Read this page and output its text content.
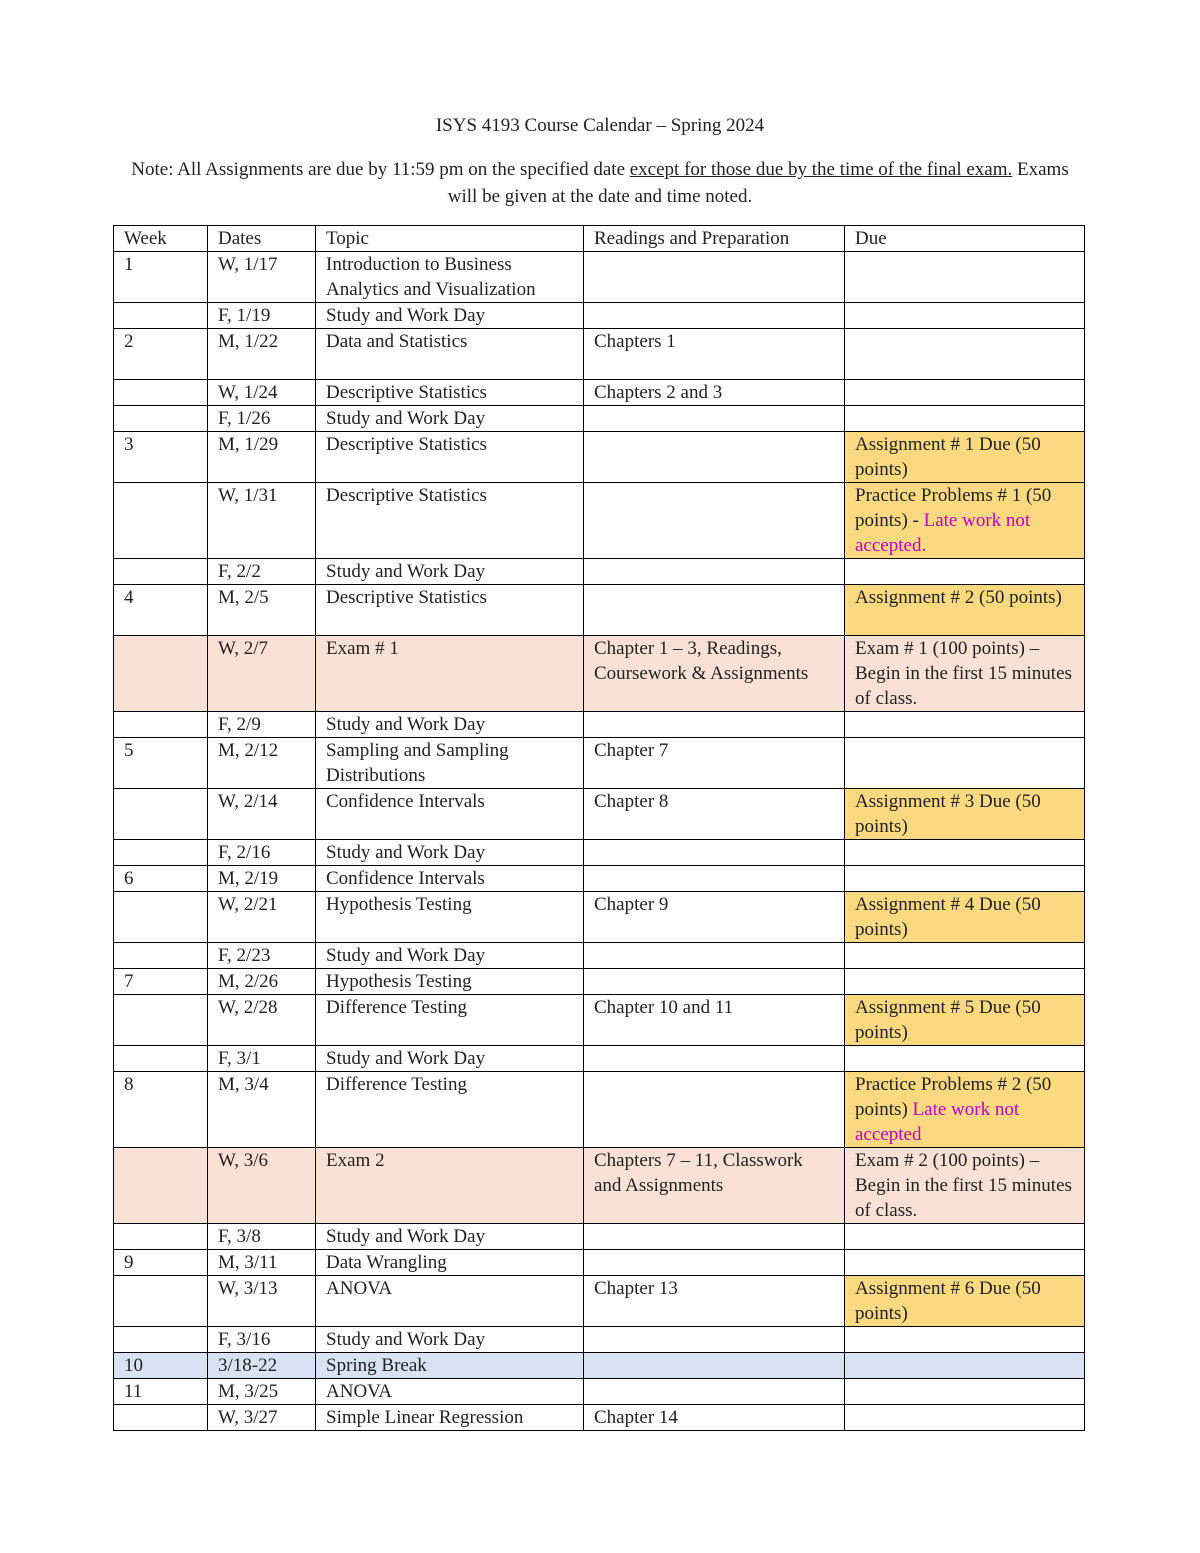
ISYS 4193 Course Calendar – Spring 2024
Note: All Assignments are due by 11:59 pm on the specified date except for those due by the time of the final exam. Exams will be given at the date and time noted.
Week	Dates	Topic	Readings and Preparation	Due
1	W, 1/17	Introduction to Business Analytics and Visualization		
	F, 1/19	Study and Work Day		
2	M, 1/22	Data and Statistics	Chapters 1	
	W, 1/24	Descriptive Statistics	Chapters 2 and 3	
	F, 1/26	Study and Work Day		
3	M, 1/29	Descriptive Statistics		Assignment # 1 Due (50 points)
	W, 1/31	Descriptive Statistics		Practice Problems # 1 (50 points) - Late work not accepted.
	F, 2/2	Study and Work Day		
4	M, 2/5	Descriptive Statistics		Assignment # 2 (50 points)
	W, 2/7	Exam # 1	Chapter 1 – 3, Readings, Coursework & Assignments	Exam # 1 (100 points) – Begin in the first 15 minutes of class.
	F, 2/9	Study and Work Day		
5	M, 2/12	Sampling and Sampling Distributions	Chapter 7	
	W, 2/14	Confidence Intervals	Chapter 8	Assignment # 3 Due (50 points)
	F, 2/16	Study and Work Day		
6	M, 2/19	Confidence Intervals		
	W, 2/21	Hypothesis Testing	Chapter 9	Assignment # 4 Due (50 points)
	F, 2/23	Study and Work Day		
7	M, 2/26	Hypothesis Testing		
	W, 2/28	Difference Testing	Chapter 10 and 11	Assignment # 5 Due (50 points)
	F, 3/1	Study and Work Day		
8	M, 3/4	Difference Testing		Practice Problems # 2 (50 points) Late work not accepted
	W, 3/6	Exam 2	Chapters 7 – 11, Classwork and Assignments	Exam # 2 (100 points) – Begin in the first 15 minutes of class.
	F, 3/8	Study and Work Day		
9	M, 3/11	Data Wrangling		
	W, 3/13	ANOVA	Chapter 13	Assignment # 6 Due (50 points)
	F, 3/16	Study and Work Day		
10	3/18-22	Spring Break		
11	M, 3/25	ANOVA		
	W, 3/27	Simple Linear Regression	Chapter 14	
